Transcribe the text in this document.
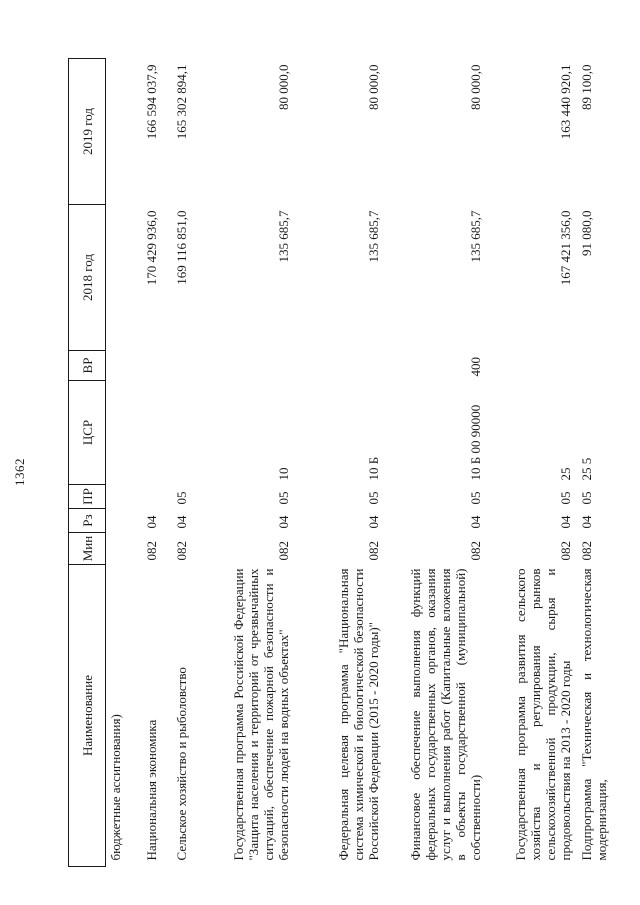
1362
Наименование	Мин	Рз	ПР	ЦСР	ВР	2018 год	2019 год
бюджетные ассигнования)							
Национальная экономика	082	04				170 429 936,0	166 594 037,9
Сельское хозяйство и рыболовство	082	04	05			169 116 851,0	165 302 894,1
Государственная программа Российской Федерации "Защита населения и территорий от чрезвычайных ситуаций, обеспечение пожарной безопасности и безопасности людей на водных объектах"	082	04	05	10		135 685,7	80 000,0
Федеральная целевая программа "Национальная система химической и биологической безопасности Российской Федерации (2015 - 2020 годы)"	082	04	05	10 Б		135 685,7	80 000,0
Финансовое обеспечение выполнения функций федеральных государственных органов, оказания услуг и выполнения работ (Капитальные вложения в объекты государственной (муниципальной) собственности)	082	04	05	10 Б 00 90000	400	135 685,7	80 000,0
Государственная программа развития сельского хозяйства и регулирования рынков сельскохозяйственной продукции, сырья и продовольствия на 2013 - 2020 годы	082	04	05	25		167 421 356,0	163 440 920,1
Подпрограмма "Техническая и технологическая модернизация,	082	04	05	25 5		91 080,0	89 100,0
